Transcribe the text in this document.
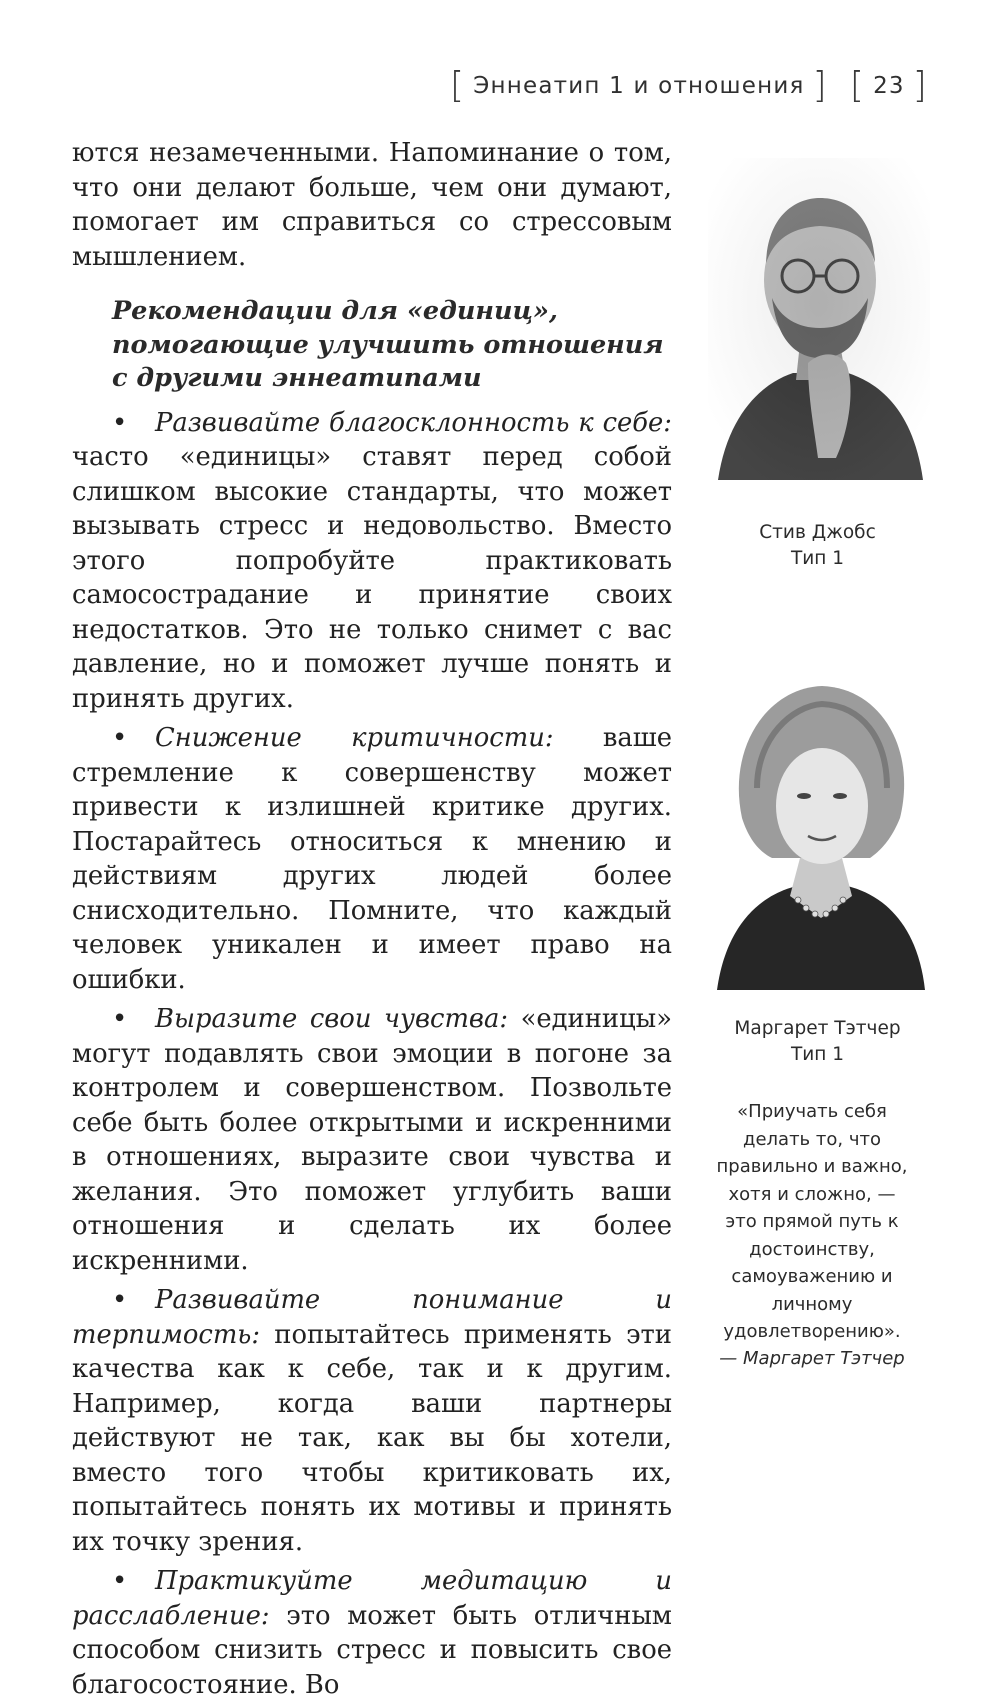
[ Эннеатип 1 и отношения ] [ 23 ]

ются незамеченными. Напоминание о том, что они делают больше, чем они думают, помогает им справиться со стрессовым мышлением.

Рекомендации для «единиц», помогающие улучшить отношения с другими эннеатипами

• Развивайте благосклонность к себе: часто «единицы» ставят перед собой слишком высокие стандарты, что может вызывать стресс и недовольство. Вместо этого попробуйте практиковать самосострадание и принятие своих недостатков. Это не только снимет с вас давление, но и поможет лучше понять и принять других.

• Снижение критичности: ваше стремление к совершенству может привести к излишней критике других. Постарайтесь относиться к мнению и действиям других людей более снисходительно. Помните, что каждый человек уникален и имеет право на ошибки.

• Выразите свои чувства: «единицы» могут подавлять свои эмоции в погоне за контролем и совершенством. Позвольте себе быть более открытыми и искренними в отношениях, выразите свои чувства и желания. Это поможет углубить ваши отношения и сделать их более искренними.

• Развивайте понимание и терпимость: попытайтесь применять эти качества как к себе, так и к другим. Например, когда ваши партнеры действуют не так, как вы бы хотели, вместо того чтобы критиковать их, попытайтесь понять их мотивы и принять их точку зрения.

• Практикуйте медитацию и расслабление: это может быть отличным способом снизить стресс и повысить свое благосостояние. Во

Стив Джобс
Тип 1
Маргарет Тэтчер
Тип 1
«Приучать себя делать то, что правильно и важно, хотя и сложно, — это прямой путь к достоинству, самоуважению и личному удовлетворению».
— Маргарет Тэтчер
